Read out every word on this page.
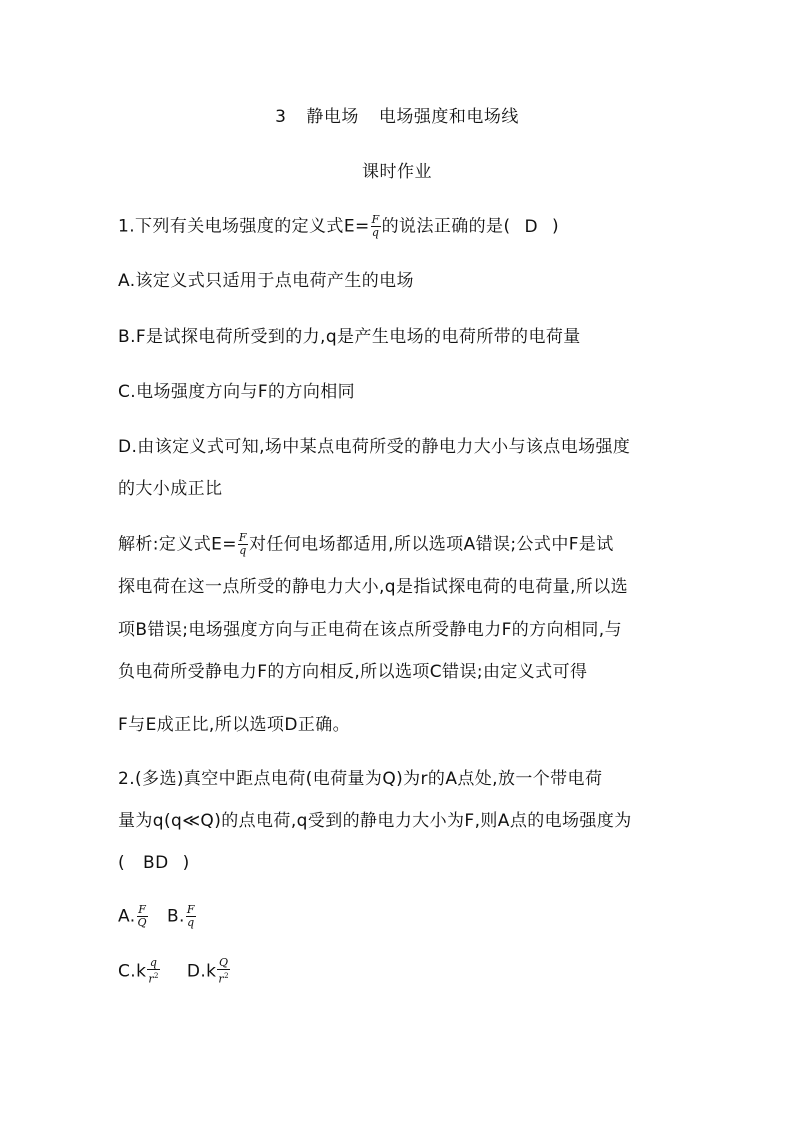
3 静电场 电场强度和电场线
课时作业
1.下列有关电场强度的定义式$E= \frac{F}{q}$ 的说法正确的是( D )
A.该定义式只适用于点电荷产生的电场
B.F是试探电荷所受到的力,q是产生电场的电荷所带的电荷量
C.电场强度方向与F的方向相同
D.由该定义式可知,场中某点电荷所受的静电力大小与该点电场强度
的大小成正比
解析:定义式$E= \frac{F}{q}$ 对任何电场都适用,所以选项A错误;公式中F是试
探电荷在这一点所受的静电力大小,q是指试探电荷的电荷量,所以选
项B错误;电场强度方向与正电荷在该点所受静电力F的方向相同,与
负电荷所受静电力F的方向相反,所以选项C错误;由定义式可得
F与E成正比,所以选项D正确。
2.(多选)真空中距点电荷(电荷量为Q)为r的A点处,放一个带电荷
量为q(q≪Q)的点电荷,q受到的静电力大小为F,则A点的电场强度为
( BD )
A. $\frac{F}{Q} B$. $\frac{F}{q}$
$C.k \frac{q}{r^2} D.k \frac{Q}{r^2}$
